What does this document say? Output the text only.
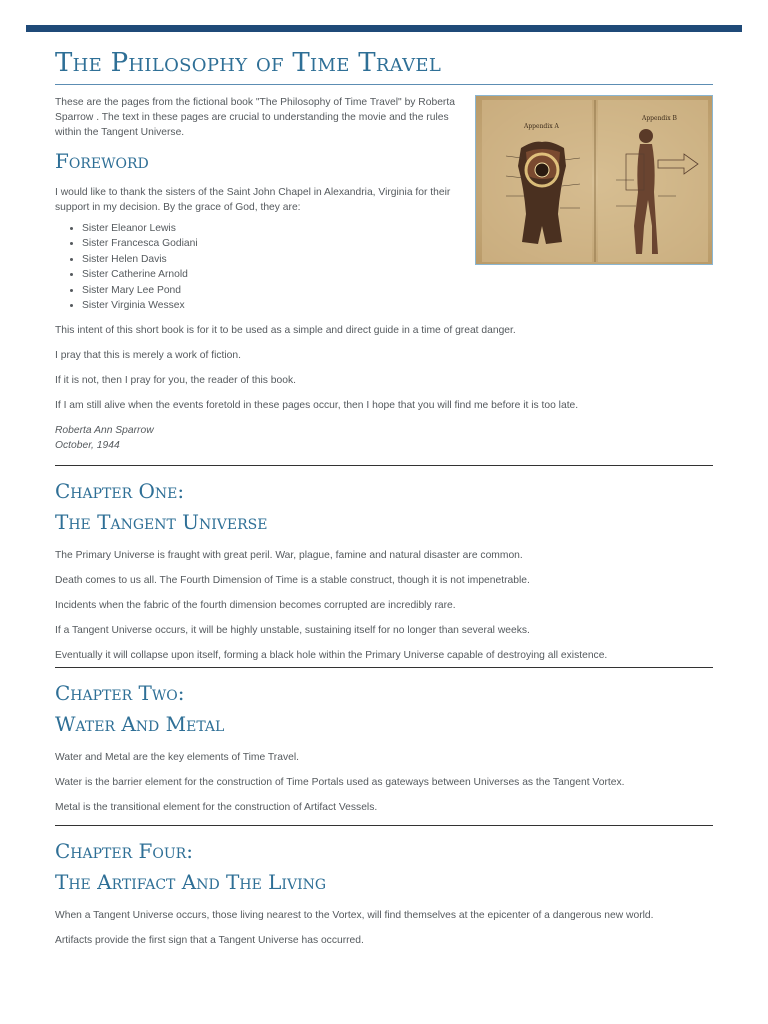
The Philosophy of Time Travel
Appendix A
Appendix B

These are the pages from the fictional book "The Philosophy of Time Travel" by Roberta Sparrow . The text in these pages are crucial to understanding the movie and the rules within the Tangent Universe.

Foreword

I would like to thank the sisters of the Saint John Chapel in Alexandria, Virginia for their support in my decision. By the grace of God, they are:

• Sister Eleanor Lewis
• Sister Francesca Godiani
• Sister Helen Davis
• Sister Catherine Arnold
• Sister Mary Lee Pond
• Sister Virginia Wessex

This intent of this short book is for it to be used as a simple and direct guide in a time of great danger.

I pray that this is merely a work of fiction.

If it is not, then I pray for you, the reader of this book.

If I am still alive when the events foretold in these pages occur, then I hope that you will find me before it is too late.

Roberta Ann Sparrow
October, 1944
Chapter One:
The Tangent Universe

The Primary Universe is fraught with great peril. War, plague, famine and natural disaster are common.

Death comes to us all. The Fourth Dimension of Time is a stable construct, though it is not impenetrable.

Incidents when the fabric of the fourth dimension becomes corrupted are incredibly rare.

If a Tangent Universe occurs, it will be highly unstable, sustaining itself for no longer than several weeks.

Eventually it will collapse upon itself, forming a black hole within the Primary Universe capable of destroying all existence.

Chapter Two:
Water And Metal

Water and Metal are the key elements of Time Travel.

Water is the barrier element for the construction of Time Portals used as gateways between Universes as the Tangent Vortex.

Metal is the transitional element for the construction of Artifact Vessels.

Chapter Four:
The Artifact And The Living

When a Tangent Universe occurs, those living nearest to the Vortex, will find themselves at the epicenter of a dangerous new world.

Artifacts provide the first sign that a Tangent Universe has occurred.
